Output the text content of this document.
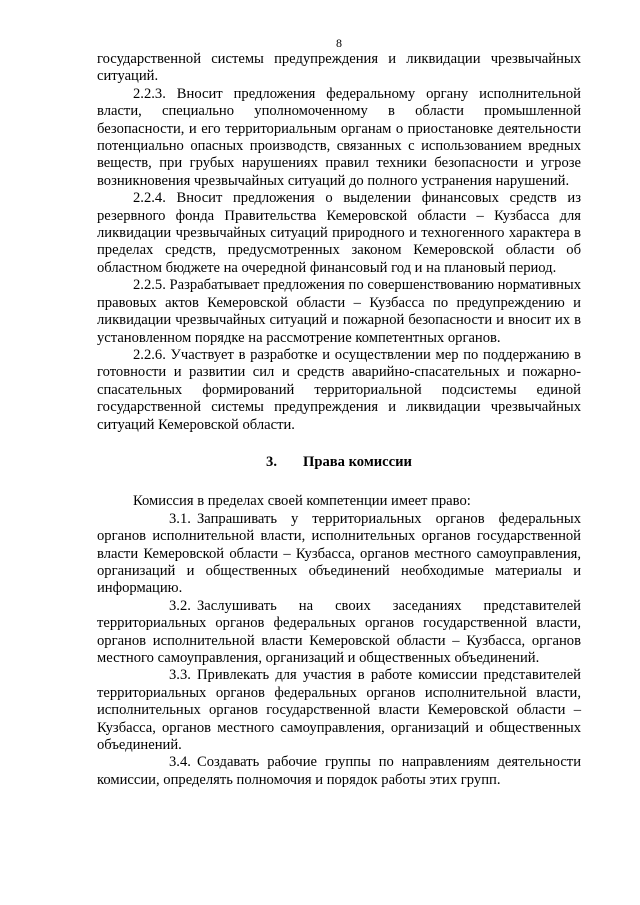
8

государственной системы предупреждения и ликвидации чрезвычайных ситуаций.

2.2.3. Вносит предложения федеральному органу исполнительной власти, специально уполномоченному в области промышленной безопасности, и его территориальным органам о приостановке деятельности потенциально опасных производств, связанных с использованием вредных веществ, при грубых нарушениях правил техники безопасности и угрозе возникновения чрезвычайных ситуаций до полного устранения нарушений.

2.2.4. Вносит предложения о выделении финансовых средств из резервного фонда Правительства Кемеровской области – Кузбасса для ликвидации чрезвычайных ситуаций природного и техногенного характера в пределах средств, предусмотренных законом Кемеровской области об областном бюджете на очередной финансовый год и на плановый период.

2.2.5. Разрабатывает предложения по совершенствованию нормативных правовых актов Кемеровской области – Кузбасса по предупреждению и ликвидации чрезвычайных ситуаций и пожарной безопасности и вносит их в установленном порядке на рассмотрение компетентных органов.

2.2.6. Участвует в разработке и осуществлении мер по поддержанию в готовности и развитии сил и средств аварийно-спасательных и пожарно-спасательных формирований территориальной подсистемы единой государственной системы предупреждения и ликвидации чрезвычайных ситуаций Кемеровской области.

3. Права комиссии

Комиссия в пределах своей компетенции имеет право:

3.1. Запрашивать у территориальных органов федеральных органов исполнительной власти, исполнительных органов государственной власти Кемеровской области – Кузбасса, органов местного самоуправления, организаций и общественных объединений необходимые материалы и информацию.

3.2. Заслушивать на своих заседаниях представителей территориальных органов федеральных органов государственной власти, органов исполнительной власти Кемеровской области – Кузбасса, органов местного самоуправления, организаций и общественных объединений.

3.3. Привлекать для участия в работе комиссии представителей территориальных органов федеральных органов исполнительной власти, исполнительных органов государственной власти Кемеровской области – Кузбасса, органов местного самоуправления, организаций и общественных объединений.

3.4. Создавать рабочие группы по направлениям деятельности комиссии, определять полномочия и порядок работы этих групп.
